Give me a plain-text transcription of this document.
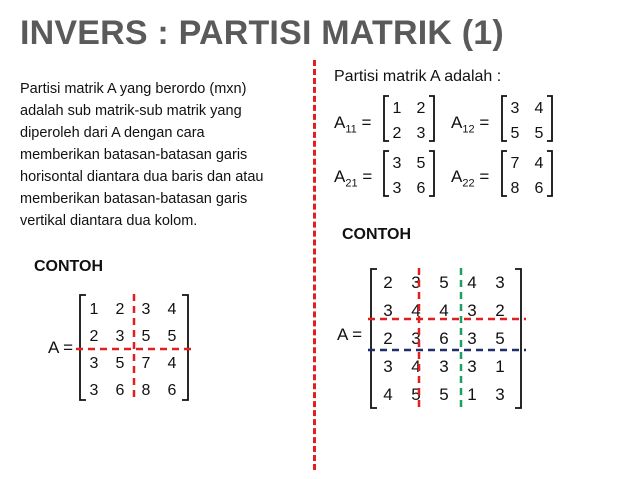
INVERS : PARTISI MATRIK (1)
Partisi matrik A yang berordo (mxn)
adalah sub matrik-sub matrik yang
diperoleh dari A dengan cara
memberikan batasan-batasan garis
horisontal diantara dua baris dan atau
memberikan batasan-batasan garis
vertikal diantara dua kolom.
CONTOH
CONTOH
Partisi matrik A adalah :
A =
1 2 3 4
2 3 5 5
3 5 7 4
3 6 8 6
$A_{11}$ =
1 2
2 3
$A_{12}$ =
3 4
5 5
$A_{21}$ =
3 5
3 6
$A_{22}$ =
7 4
8 6
A =
2 3 5 4 3
3 4 4 3 2
2 3 6 3 5
3 4 3 3 1
4 5 5 1 3
